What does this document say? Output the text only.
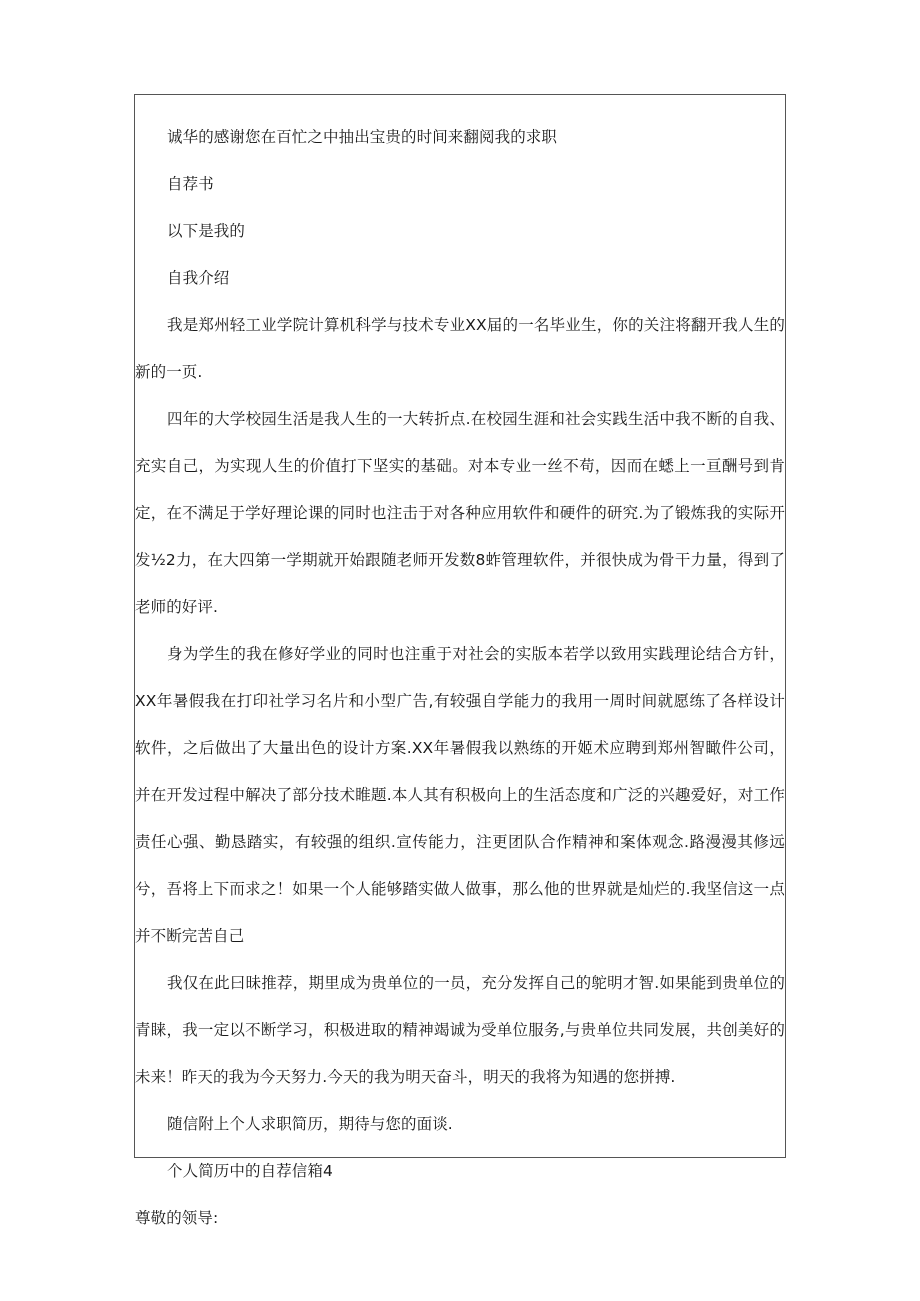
诚华的感谢您在百忙之中抽出宝贵的时间来翻阅我的求职

自荐书

以下是我的

自我介绍

我是郑州轻工业学院计算机科学与技术专业XX届的一名毕业生，你的关注将翻开我人生的新的一页.

四年的大学校园生活是我人生的一大转折点.在校园生涯和社会实践生活中我不断的自我、充实自己，为实现人生的价值打下坚实的基础。对本专业一丝不苟，因而在蟋上一亘酬号到肯定，在不满足于学好理论课的同时也注击于对各种应用软件和硬件的研究.为了锻炼我的实际开发½2力，在大四第一学期就开始跟随老师开发数8蚱管理软件，并很快成为骨干力量，得到了老师的好评.

身为学生的我在修好学业的同时也注重于对社会的实版本若学以致用实践理论结合方针，XX年暑假我在打印社学习名片和小型广告,有较强自学能力的我用一周时间就愿练了各样设计软件，之后做出了大量出色的设计方案.XX年暑假我以熟练的开姬术应聘到郑州智瞰件公司，并在开发过程中解决了部分技术睢题.本人其有积极向上的生活态度和广泛的兴趣爱好，对工作责任心强、勤恳踏实，有较强的组织.宣传能力，注更团队合作精神和案体观念.路漫漫其修远兮，吾将上下而求之！如果一个人能够踏实做人做事，那么他的世界就是灿烂的.我坚信这一点并不断完苦自己

我仅在此曰昧推荐，期里成为贵单位的一员，充分发挥自己的鸵明才智.如果能到贵单位的青睐，我一定以不断学习，积极进取的精神竭诚为受单位服务,与贵单位共同发展，共创美好的未来！昨天的我为今天努力.今天的我为明天奋斗，明天的我将为知遇的您拼搏.

随信附上个人求职简历，期待与您的面谈.

个人简历中的自荐信箱4

尊敬的领导:
